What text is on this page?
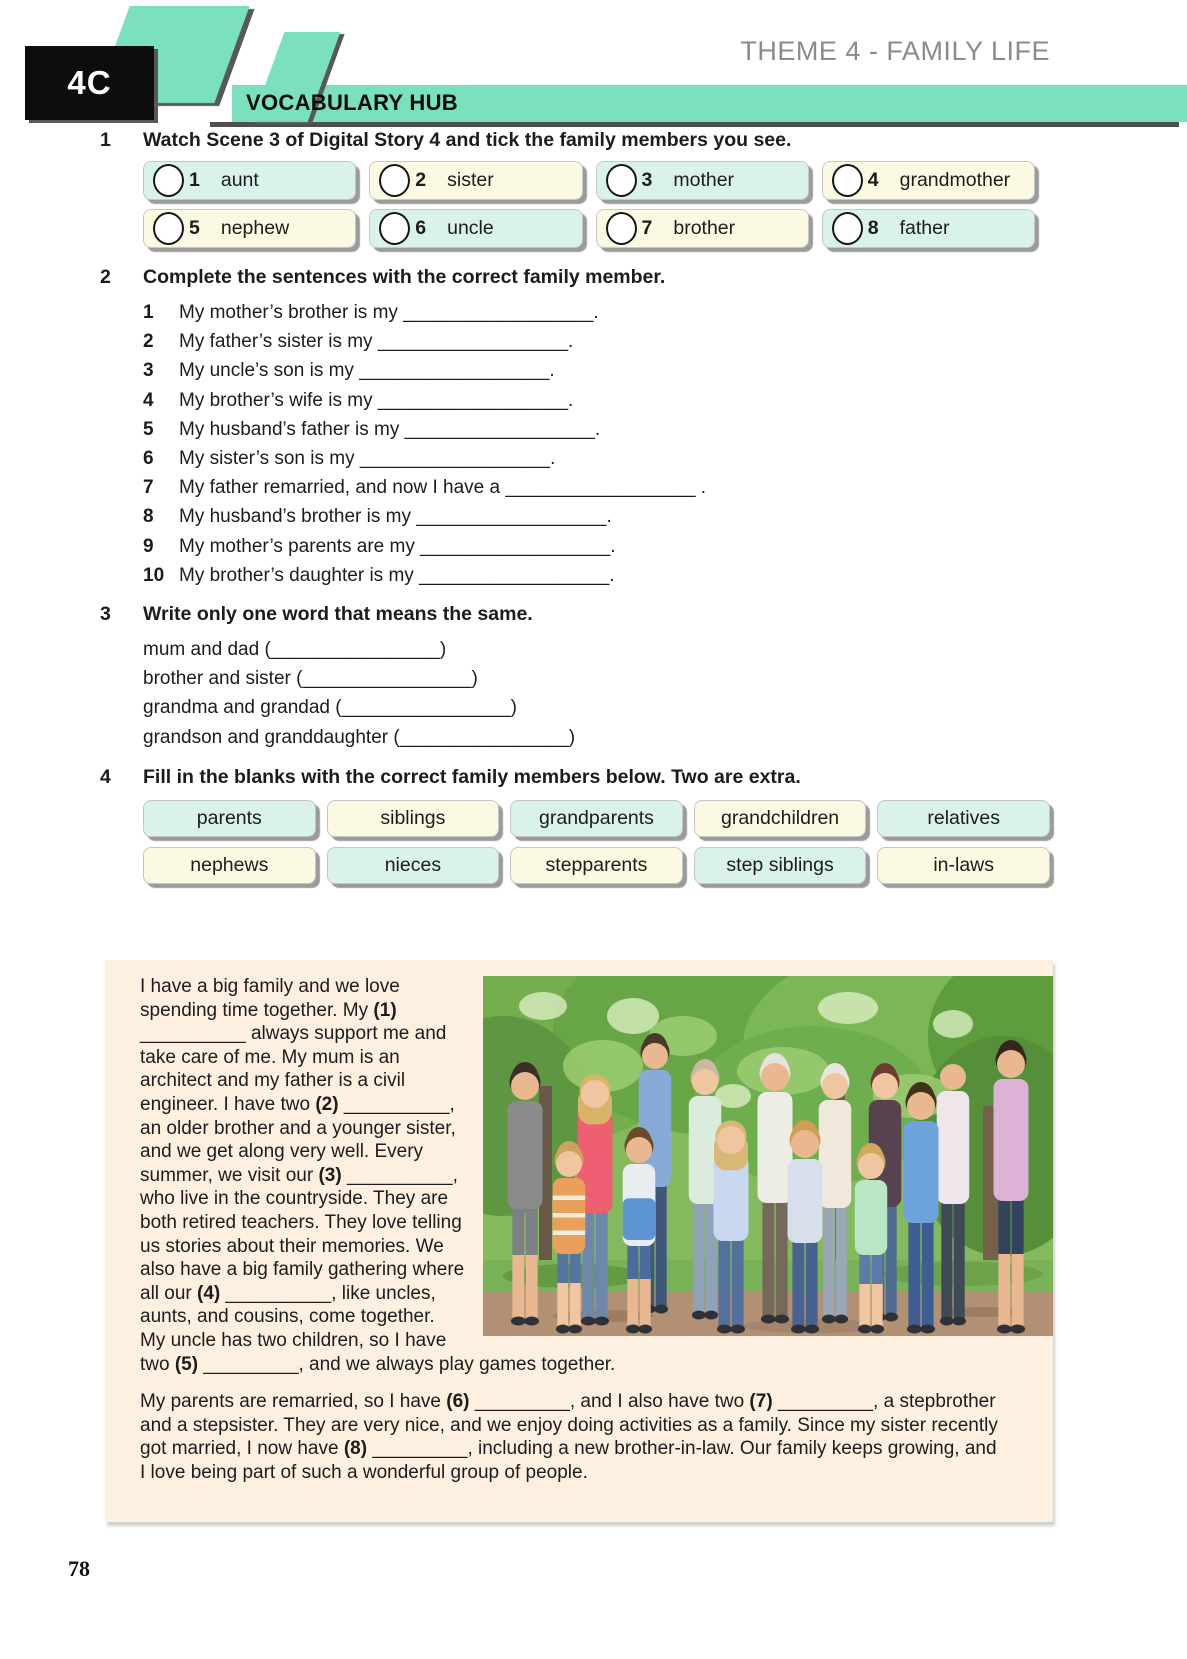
4C
THEME 4 - FAMILY LIFE
VOCABULARY HUB
1	Watch Scene 3 of Digital Story 4 and tick the family members you see.
1 aunt	2 sister	3 mother	4 grandmother
5 nephew	6 uncle	7 brother	8 father
2	Complete the sentences with the correct family member.
1	My mother’s brother is my __________________.
2	My father’s sister is my __________________.
3	My uncle’s son is my __________________.
4	My brother’s wife is my __________________.
5	My husband’s father is my __________________.
6	My sister’s son is my __________________.
7	My father remarried, and now I have a __________________ .
8	My husband’s brother is my __________________.
9	My mother’s parents are my __________________.
10 My brother’s daughter is my __________________.
3	Write only one word that means the same.
mum and dad (________________)
brother and sister (________________)
grandma and grandad (________________)
grandson and granddaughter (________________)
4	Fill in the blanks with the correct family members below. Two are extra.
parents	siblings	grandparents	grandchildren	relatives
nephews	nieces	stepparents	step siblings	in-laws

I have a big family and we love spending time together. My (1) __________ always support me and take care of me. My mum is an architect and my father is a civil engineer. I have two (2) __________, an older brother and a younger sister, and we get along very well. Every summer, we visit our (3) __________, who live in the countryside. They are both retired teachers. They love telling us stories about their memories. We also have a big family gathering where all our (4) __________, like uncles, aunts, and cousins, come together. My uncle has two children, so I have two (5) _________, and we always play games together.

My parents are remarried, so I have (6) _________, and I also have two (7) _________, a stepbrother and a stepsister. They are very nice, and we enjoy doing activities as a family. Since my sister recently got married, I now have (8) _________, including a new brother-in-law. Our family keeps growing, and I love being part of such a wonderful group of people.

78
